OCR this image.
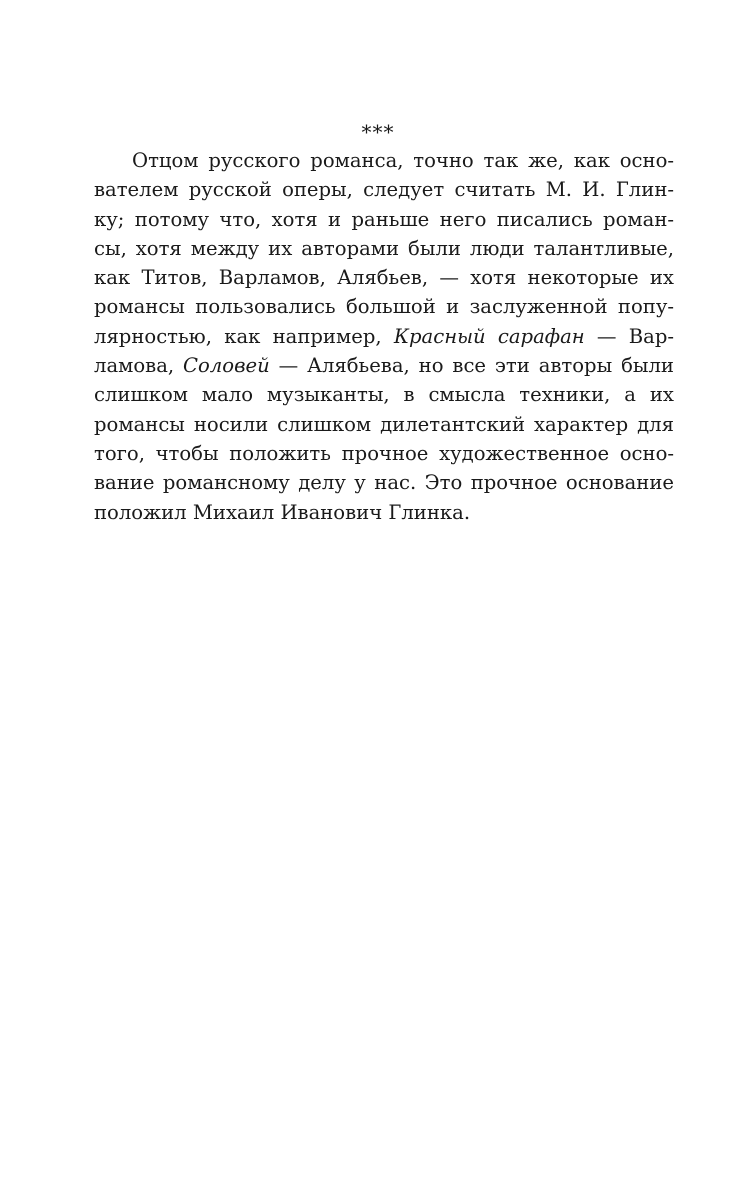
***
Отцом русского романса, точно так же, как осно-
вателем русской оперы, следует считать М. И. Глин-
ку; потому что, хотя и раньше него писались роман-
сы, хотя между их авторами были люди талантливые,
как Титов, Варламов, Алябьев, — хотя некоторые их
романсы пользовались большой и заслуженной попу-
лярностью, как например, Красный сарафан — Вар-
ламова, Соловей — Алябьева, но все эти авторы были
слишком мало музыканты, в смысла техники, а их
романсы носили слишком дилетантский характер для
того, чтобы положить прочное художественное осно-
вание романсному делу у нас. Это прочное основание
положил Михаил Иванович Глинка.
